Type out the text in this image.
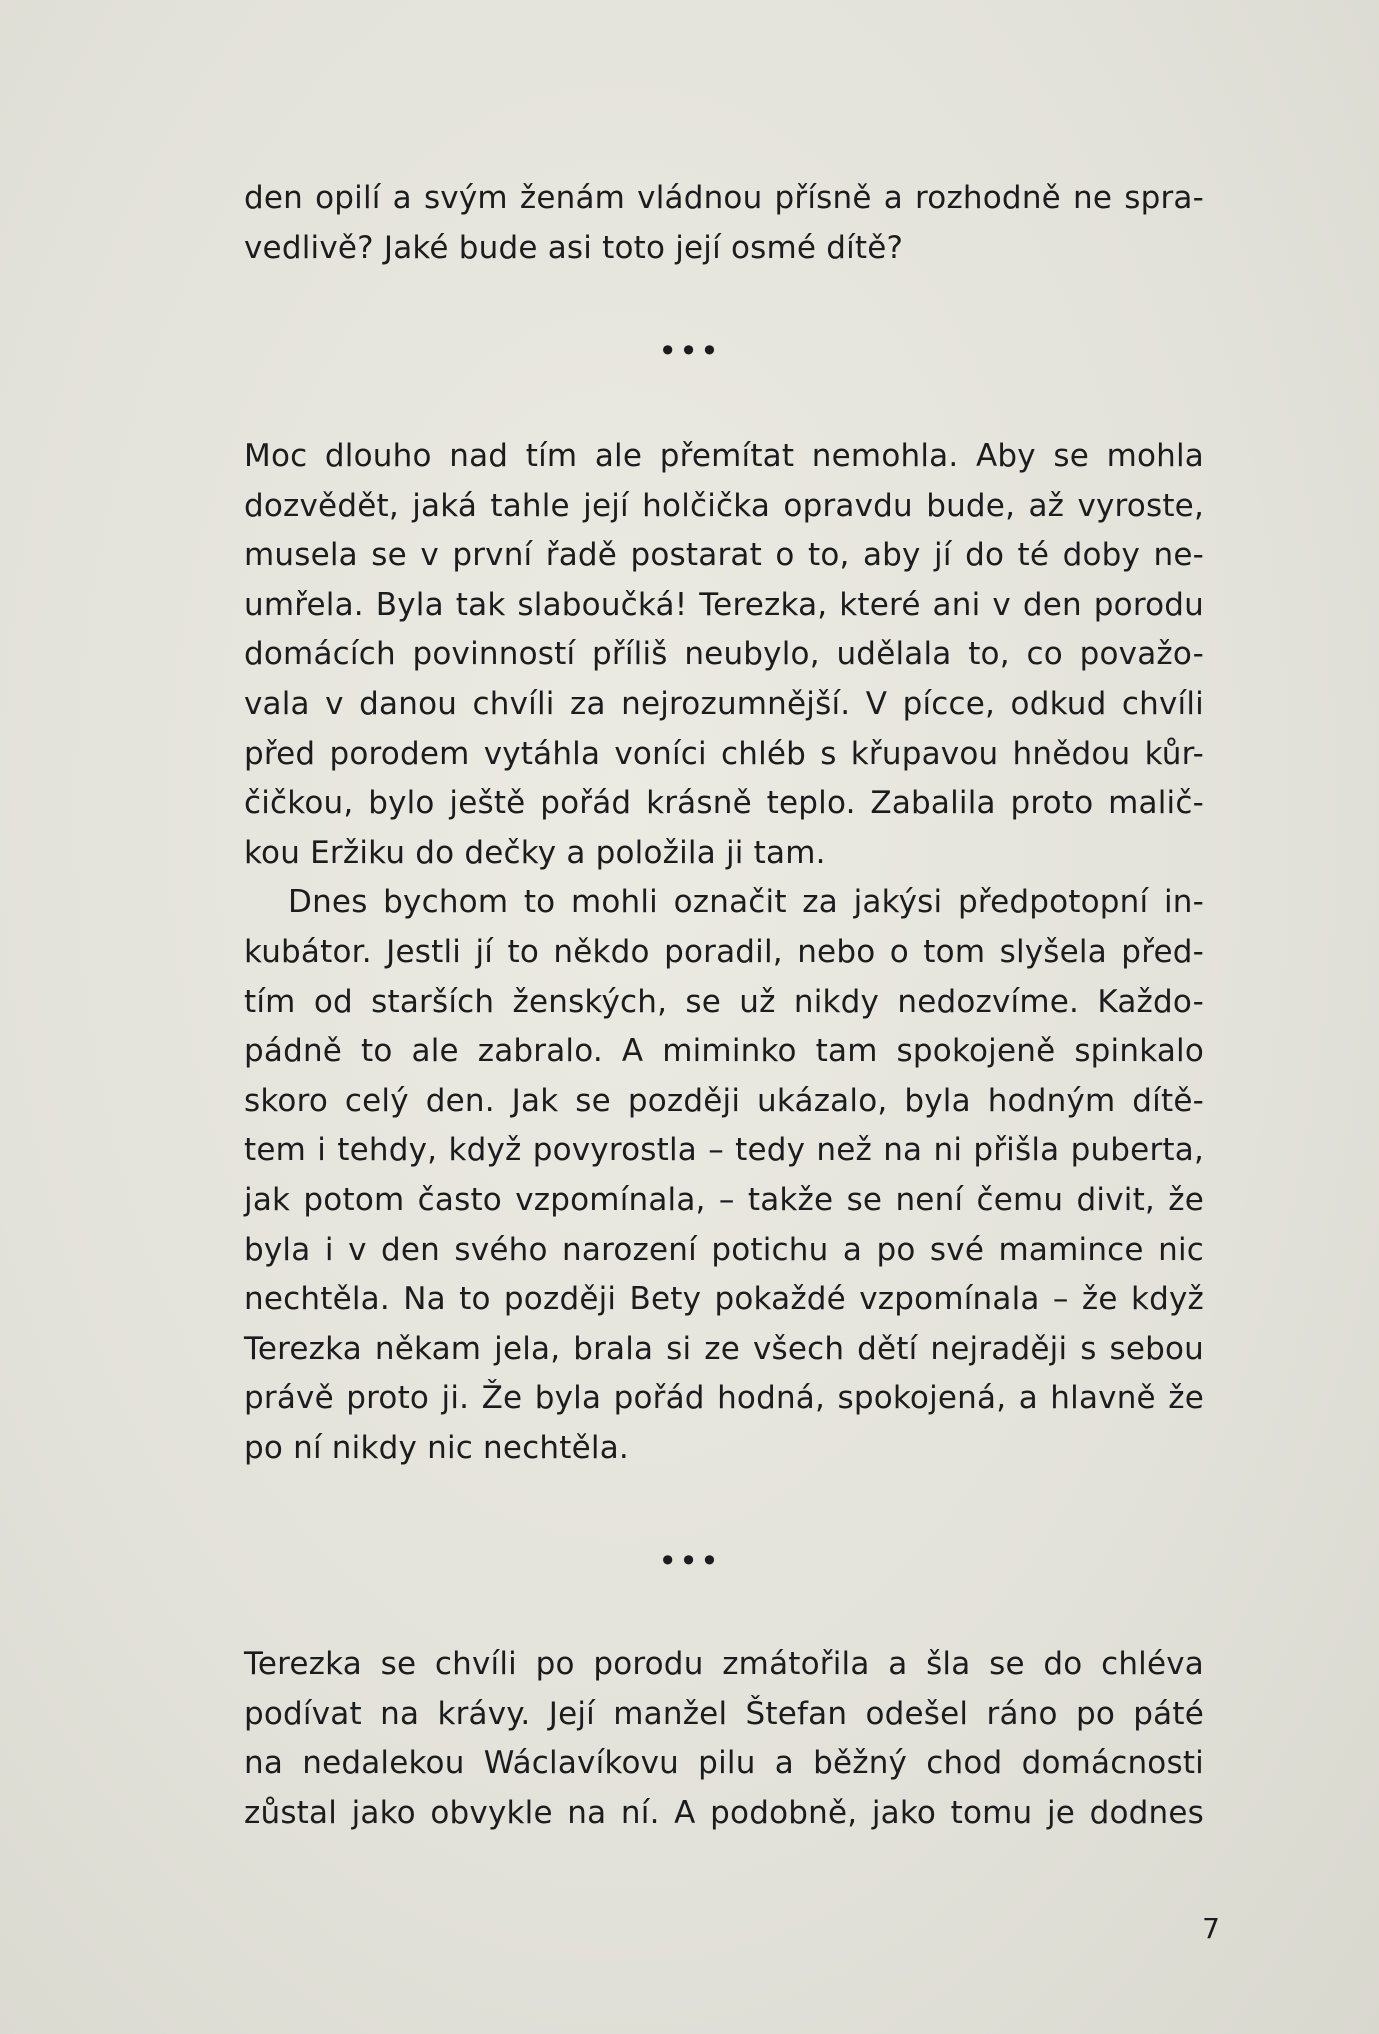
den opilí a svým ženám vládnou přísně a rozhodně ne spra-
vedlivě? Jaké bude asi toto její osmé dítě?
•••
Moc dlouho nad tím ale přemítat nemohla. Aby se mohla
dozvědět, jaká tahle její holčička opravdu bude, až vyroste,
musela se v první řadě postarat o to, aby jí do té doby ne-
umřela. Byla tak slaboučká! Terezka, které ani v den porodu
domácích povinností příliš neubylo, udělala to, co považo-
vala v danou chvíli za nejrozumnější. V pícce, odkud chvíli
před porodem vytáhla voníci chléb s křupavou hnědou kůr-
čičkou, bylo ještě pořád krásně teplo. Zabalila proto malič-
kou Eržiku do dečky a položila ji tam.
Dnes bychom to mohli označit za jakýsi předpotopní in-
kubátor. Jestli jí to někdo poradil, nebo o tom slyšela před-
tím od starších ženských, se už nikdy nedozvíme. Každo-
pádně to ale zabralo. A miminko tam spokojeně spinkalo
skoro celý den. Jak se později ukázalo, byla hodným dítě-
tem i tehdy, když povyrostla – tedy než na ni přišla puberta,
jak potom často vzpomínala, – takže se není čemu divit, že
byla i v den svého narození potichu a po své mamince nic
nechtěla. Na to později Bety pokaždé vzpomínala – že když
Terezka někam jela, brala si ze všech dětí nejraději s sebou
právě proto ji. Že byla pořád hodná, spokojená, a hlavně že
po ní nikdy nic nechtěla.
•••
Terezka se chvíli po porodu zmátořila a šla se do chléva
podívat na krávy. Její manžel Štefan odešel ráno po páté
na nedalekou Wáclavíkovu pilu a běžný chod domácnosti
zůstal jako obvykle na ní. A podobně, jako tomu je dodnes
7
